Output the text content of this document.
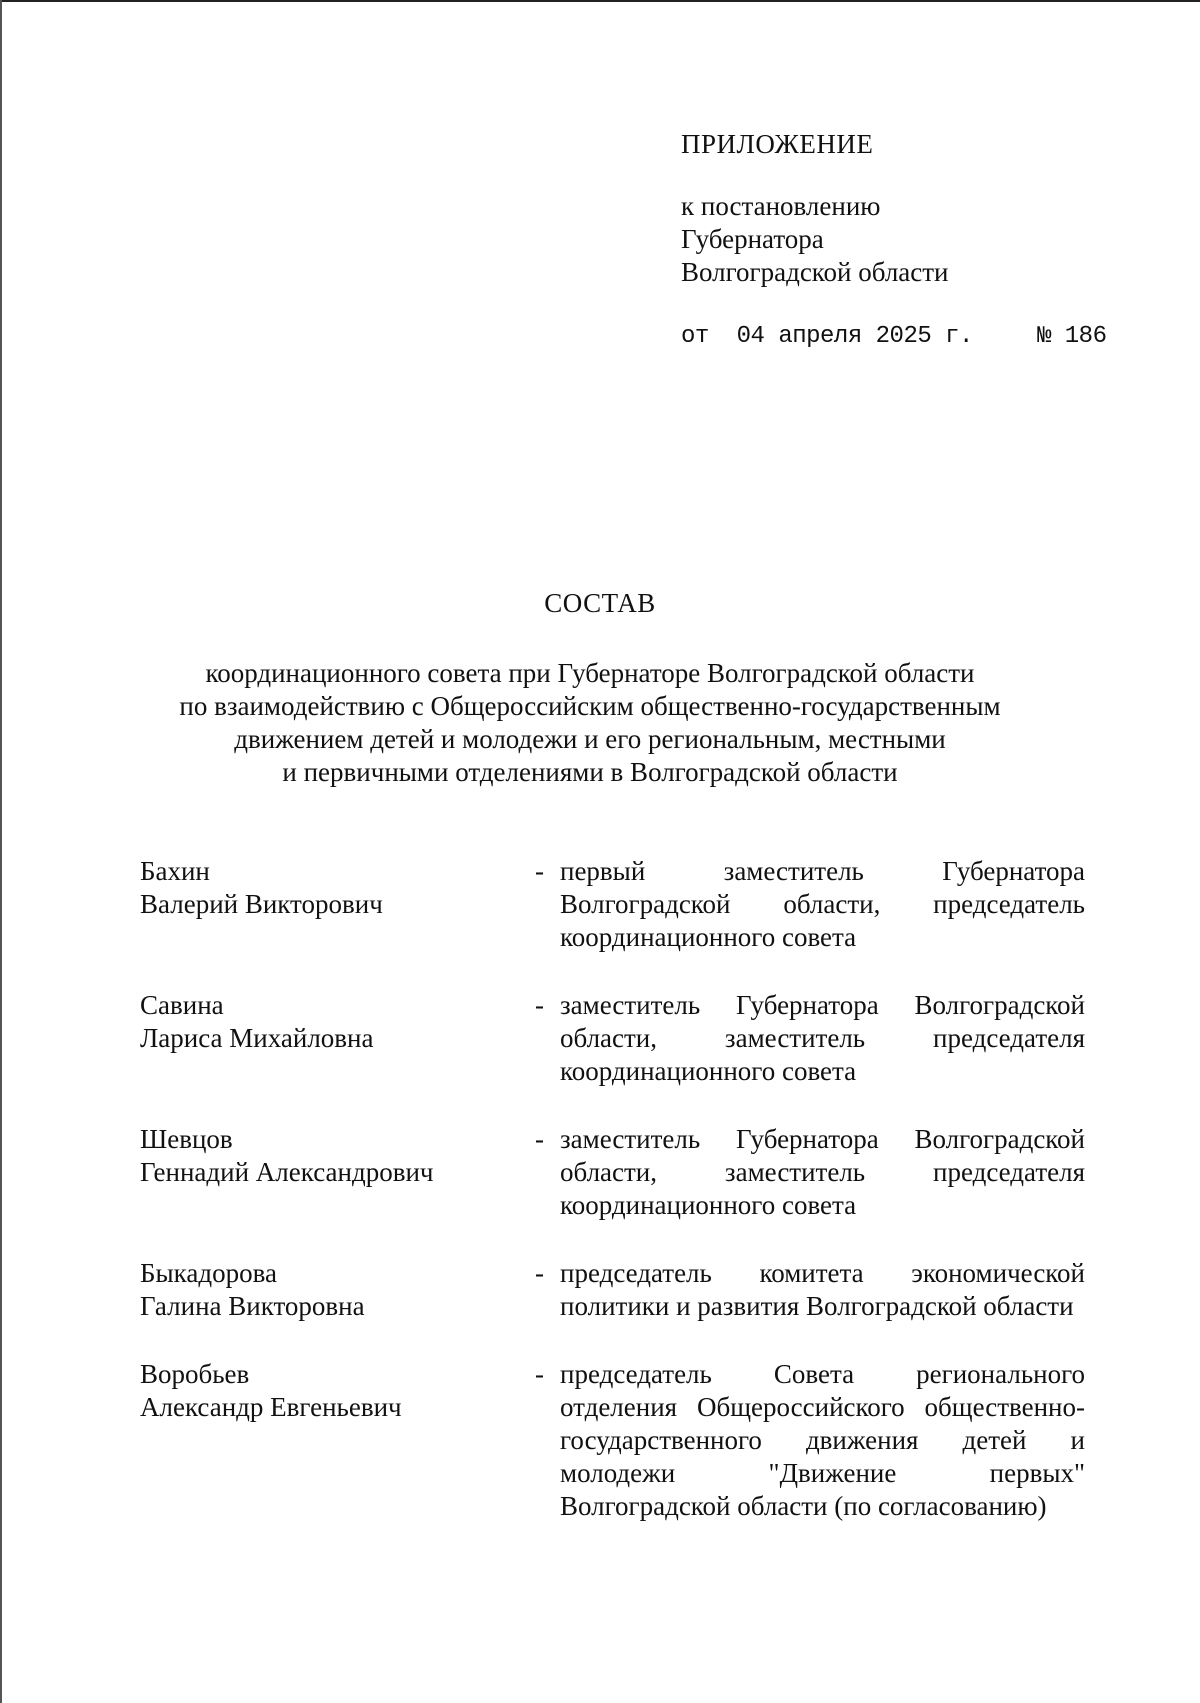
ПРИЛОЖЕНИЕ
к постановлению
Губернатора
Волгоградской области
от  04 апреля 2025 г.	№ 186
СОСТАВ
координационного совета при Губернаторе Волгоградской области
по взаимодействию с Общероссийским общественно-государственным
движением детей и молодежи и его региональным, местными
и первичными отделениями в Волгоградской области
Бахин
Валерий Викторович
- первый заместитель Губернатора Волгоградской области, председатель координационного совета
Савина
Лариса Михайловна
- заместитель Губернатора Волгоградской области, заместитель председателя координационного совета
Шевцов
Геннадий Александрович
- заместитель Губернатора Волгоградской области, заместитель председателя координационного совета
Быкадорова
Галина Викторовна
- председатель комитета экономической политики и развития Волгоградской области
Воробьев
Александр Евгеньевич
- председатель Совета регионального отделения Общероссийского общественно-государственного движения детей и молодежи "Движение первых" Волгоградской области (по согласованию)
